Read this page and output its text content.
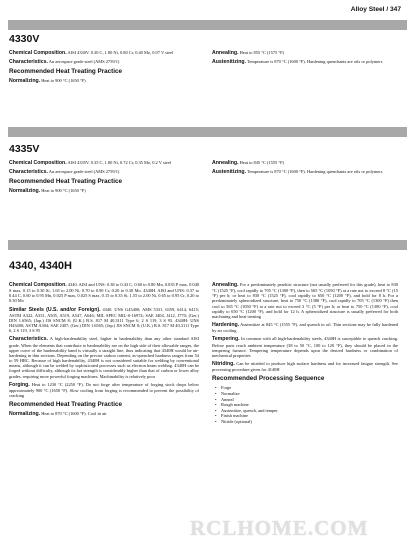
Alloy Steel / 347
4330V

Chemical Composition. AISI 4330V. 0.30 C, 1.80 Ni, 0.80 Cr, 0.40 Mo, 0.07 V steel

Characteristics. An aerospace grade steel (AMS 2759/1)

Recommended Heat Treating Practice

Normalizing. Heat to 900 °C (1650 °F)

Annealing. Heat to 855 °C (1575 °F)

Austenitizing. Temperature is 870 °C (1600 °F). Hardening quenchants are oils or polymers

4335V

Chemical Composition. AISI 4335V. 0.35 C, 1.80 Ni, 0.72 Cr, 0.35 Mo, 0.2 V steel

Characteristics. An aerospace grade steel (AMS 2759/1)

Recommended Heat Treating Practice

Normalizing. Heat to 900 °C (1650 °F)

Annealing. Heat to 845 °C (1555 °F)

Austenitizing. Temperature is 870 °C (1600 °F). Hardening quenchants are oils or polymers

4340, 4340H

Chemical Composition. 4340. AISI and UNS: 0.38 to 0.43 C, 0.60 to 0.80 Mn, 0.035 P max, 0.040 S max, 0.15 to 0.30 Si, 1.65 to 2.00 Ni, 0.70 to 0.90 Cr, 0.20 to 0.30 Mo. 4340H. AISI and UNS: 0.37 to 0.44 C, 0.60 to 0.95 Mn, 0.025 P max, 0.025 S max, 0.15 to 0.35 Si, 1.55 to 2.00 Ni, 0.65 to 0.95 Cr, 0.20 to 0.30 Mo

Similar Steels (U.S. and/or Foreign). 4340. UNS G43400; AMS 5331, 6359, 6414, 6415; ASTM A322, A331, A505, A519, A547, A646; MIL SPEC MIL-S-16974; SAE J404, J412, J770; (Ger.) DIN 1.6565; (Jap.) JIS SNCM 8; (U.K.) B.S. 817 M 40,3111 Type 6, 2 S 119, 3 S 95. 4340H: UNS H43400; ASTM A304; SAE J407; (Ger.) DIN 1.6565; (Jap.) JIS SNCM 8; (U.K.) B.S. 817 M 40,3111 Type 6, 2 S 119, 3 S 95

Characteristics. A high-hardenability steel, higher in hardenability than any other standard AISI grade. When the elements that contribute to hardenability are on the high side of their allowable ranges, the upper curve of the hardenability band is virtually a straight line, thus indicating that 4340H would be air-hardening in thin sections. Depending on the precise carbon content, as-quenched hardness ranges from 54 to 59 HRC. Because of high hardenability, 4340H is not considered suitable for welding by conventional means, although it can be welded by sophisticated processes such as electron beam welding. 4340H can be forged without difficulty, although its hot strength is considerably higher than that of carbon or lower alloy grades, requiring more powerful forging machines. Machinability is relatively poor

Forging. Heat to 1230 °C (2250 °F). Do not forge after temperature of forging stock drops below approximately 900 °C (1650 °F). Slow cooling from forging is recommended to prevent the possibility of cracking

Recommended Heat Treating Practice

Normalizing. Heat to 870 °C (1600 °F). Cool in air

Annealing. For a predominately pearlitic structure (not usually preferred for this grade), heat to 830 °C (1525 °F), cool rapidly to 705 °C (1300 °F), then to 565 °C (1050 °F) at a rate not to exceed 8 °C (15 °F) per h; or heat to 830 °C (1525 °F), cool rapidly to 650 °C (1200 °F), and hold for 8 h. For a predominately spheroidized structure, heat to 750 °C (1380 °F), cool rapidly to 705 °C (1300 °F) then cool to 565 °C (1050 °F) at a rate not to exceed 3 °C (5 °F) per h; or heat to 750 °C (1380 °F), cool rapidly to 650 °C (1200 °F), and hold for 12 h. A spheroidized structure is usually preferred for both machining and heat treating

Hardening. Austenitize at 845 °C (1555 °F), and quench in oil. Thin sections may be fully hardened by air cooling

Tempering. In common with all high-hardenability steels, 4340H is susceptible to quench cracking. Before parts reach ambient temperature (38 to 50 °C, 100 to 120 °F), they should be placed in the tempering furnace. Tempering temperature depends upon the desired hardness or combination of mechanical properties

Nitriding. Can be nitrided to produce high surface hardness and for increased fatigue strength. See processing procedure given for 4140H

Recommended Processing Sequence
• Forge
• Normalize
• Anneal
• Rough machine
• Austenitize, quench, and temper
• Finish machine
• Nitride (optional)
RCLHOME.COM
